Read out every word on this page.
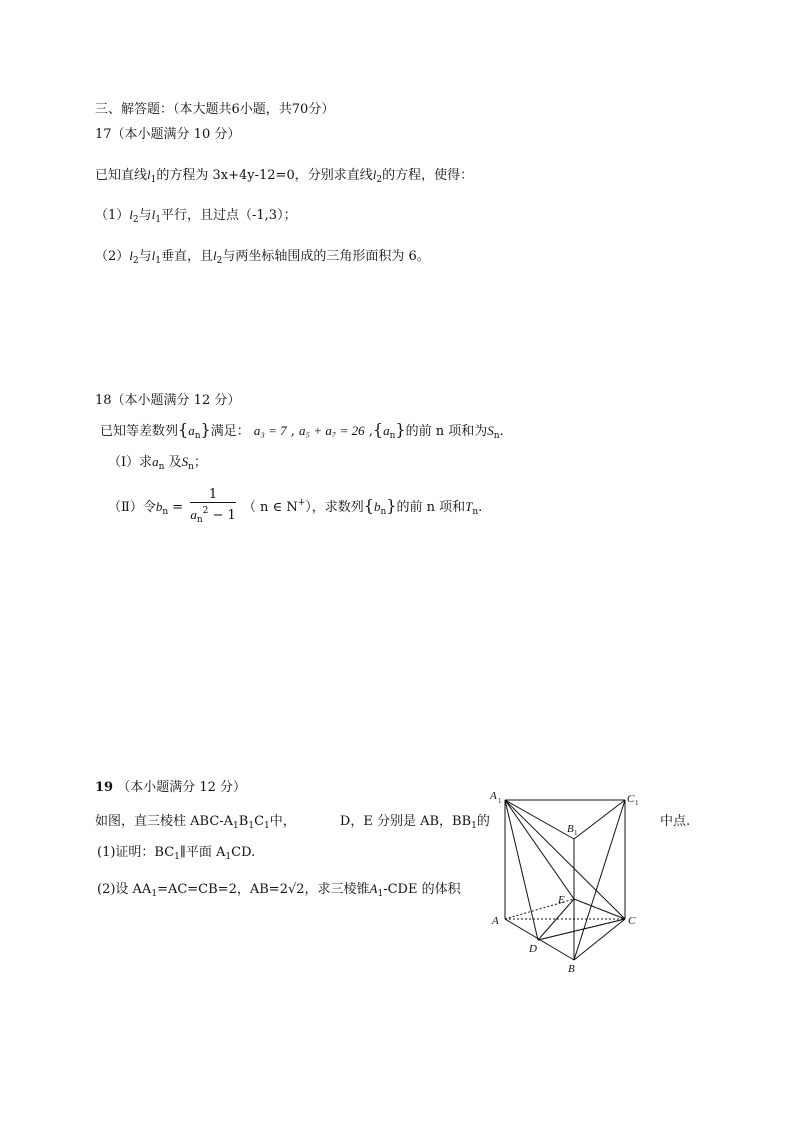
三、解答题：（本大题共6小题，共70分）
17（本小题满分 10 分）
已知直线$l_1$的方程为 3x+4y-12=0，分别求直线$l_2$的方程，使得：
$(1)l_2$与$l_1$平行，且过点（-1,3）；
$(2)l_2$与$l_1$垂直，且$l_2$与两坐标轴围成的三角形面积为 6。
18（本小题满分 12 分）
已知等差数列$\{a_n\}$满足： a₃ = 7 , a₅ + a₇ = 26 $,\{a_n\}$的前 n 项和为$S_n$.
（Ⅰ）求$a_n$ 及$S_n$；
（Ⅱ）令$b_n = \frac{1}{a_n^2 - 1}$ （ n ∈ N+），求数列$\{b_n\}$的前 n 项和$T_n$.
19 （本小题满分 12 分）
如图，直三棱柱 ABC-$A_1B_1C_1$中，	D，E 分别是 AB，$BB_1$的	中点.
(1)证明：$BC_1\parallel$平面 $A_1CD$.
(2)设 $AA_1=AC=CB=2$，AB=2√2，求三棱锥$A_1$-CDE 的体积
A 1	C 1
B 1
E
A	C
D
B
